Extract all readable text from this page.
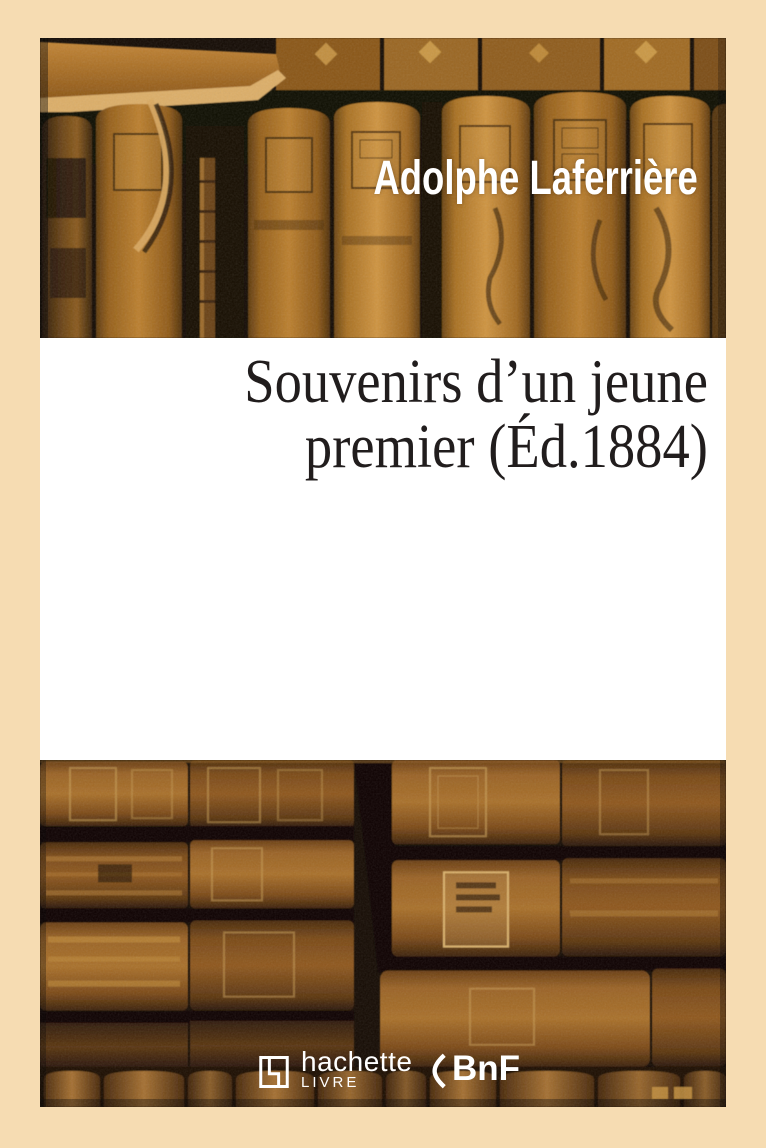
Adolphe Laferrière
Souvenirs d’un jeune
premier (Éd.1884)
hachette
LIVRE	BnF
